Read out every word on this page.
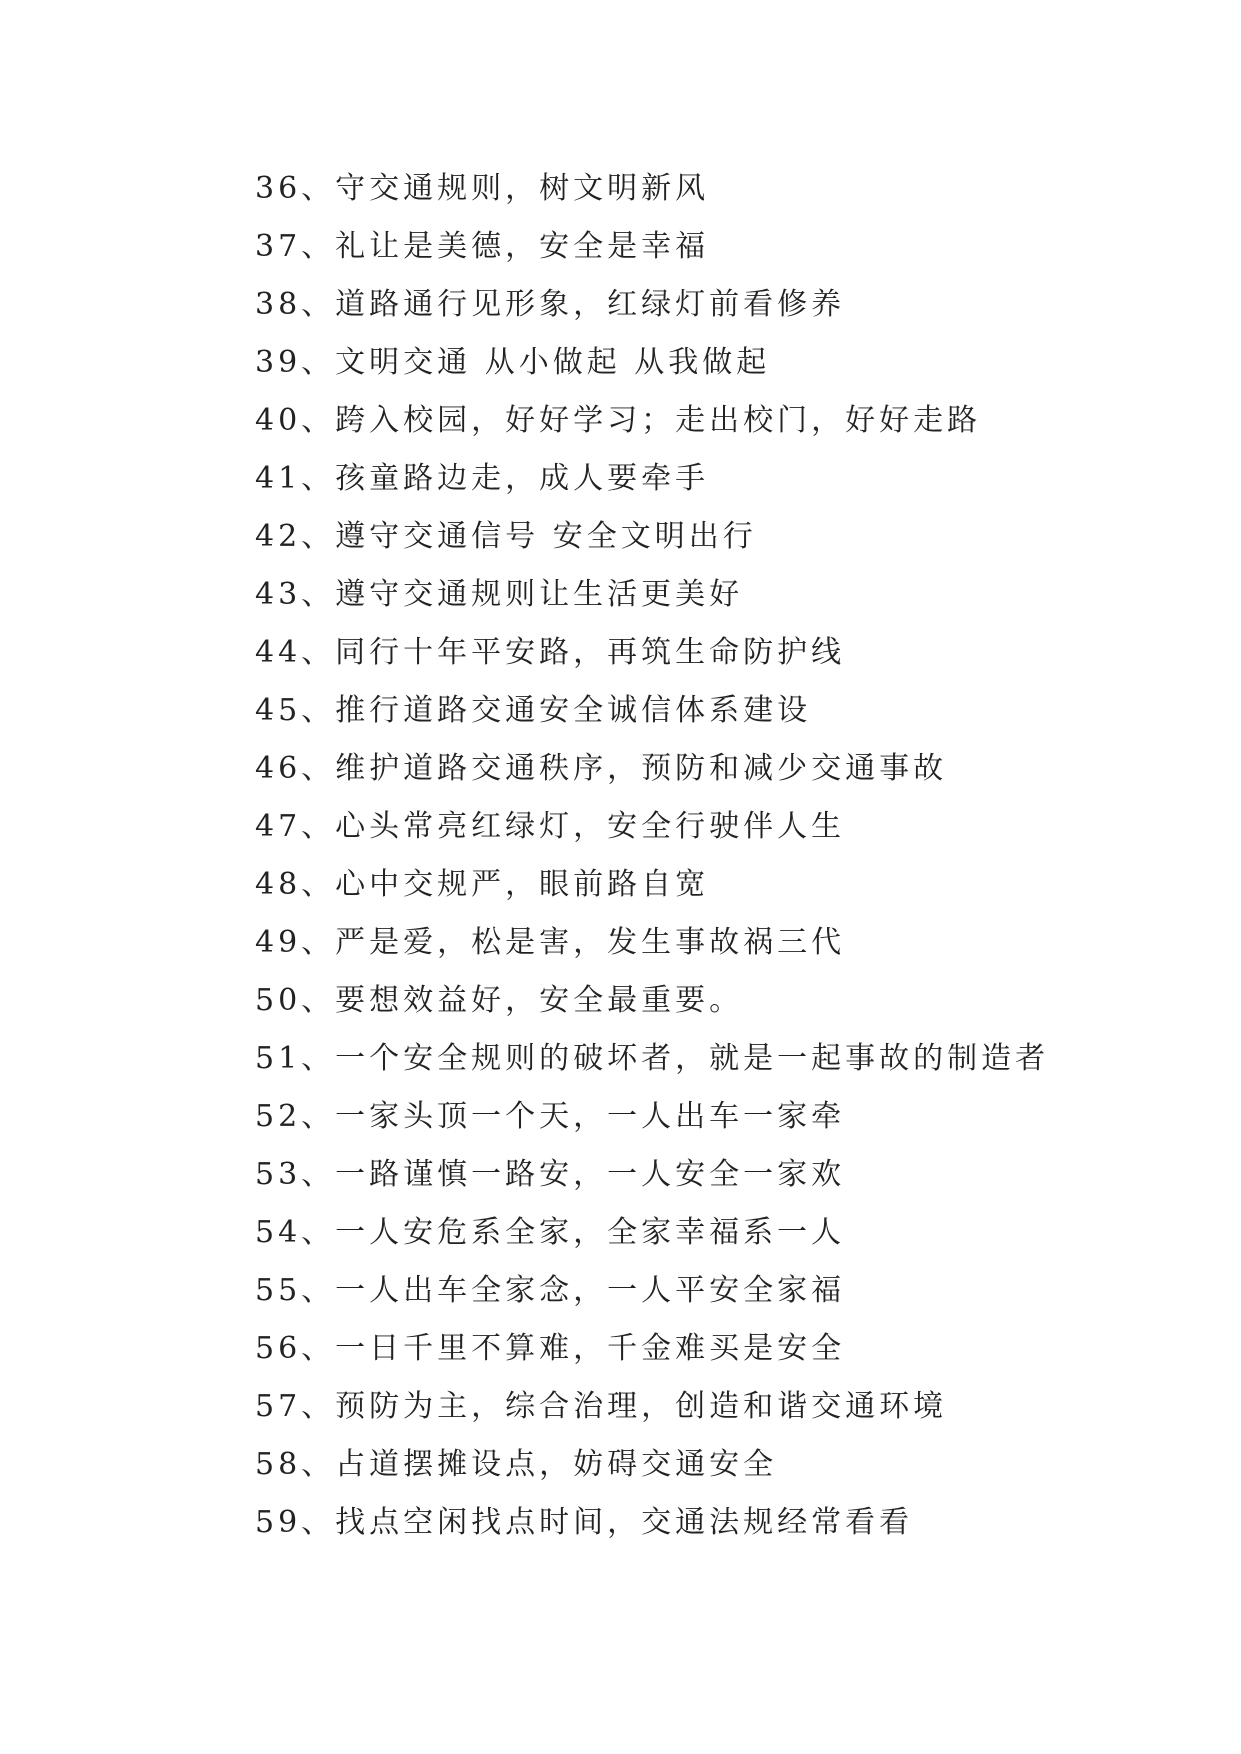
36、守交通规则，树文明新风
37、礼让是美德，安全是幸福
38、道路通行见形象，红绿灯前看修养
39、文明交通 从小做起 从我做起
40、跨入校园，好好学习；走出校门，好好走路
41、孩童路边走，成人要牵手
42、遵守交通信号 安全文明出行
43、遵守交通规则让生活更美好
44、同行十年平安路，再筑生命防护线
45、推行道路交通安全诚信体系建设
46、维护道路交通秩序，预防和减少交通事故
47、心头常亮红绿灯，安全行驶伴人生
48、心中交规严，眼前路自宽
49、严是爱，松是害，发生事故祸三代
50、要想效益好，安全最重要。
51、一个安全规则的破坏者，就是一起事故的制造者
52、一家头顶一个天，一人出车一家牵
53、一路谨慎一路安，一人安全一家欢
54、一人安危系全家，全家幸福系一人
55、一人出车全家念，一人平安全家福
56、一日千里不算难，千金难买是安全
57、预防为主，综合治理，创造和谐交通环境
58、占道摆摊设点，妨碍交通安全
59、找点空闲找点时间，交通法规经常看看
